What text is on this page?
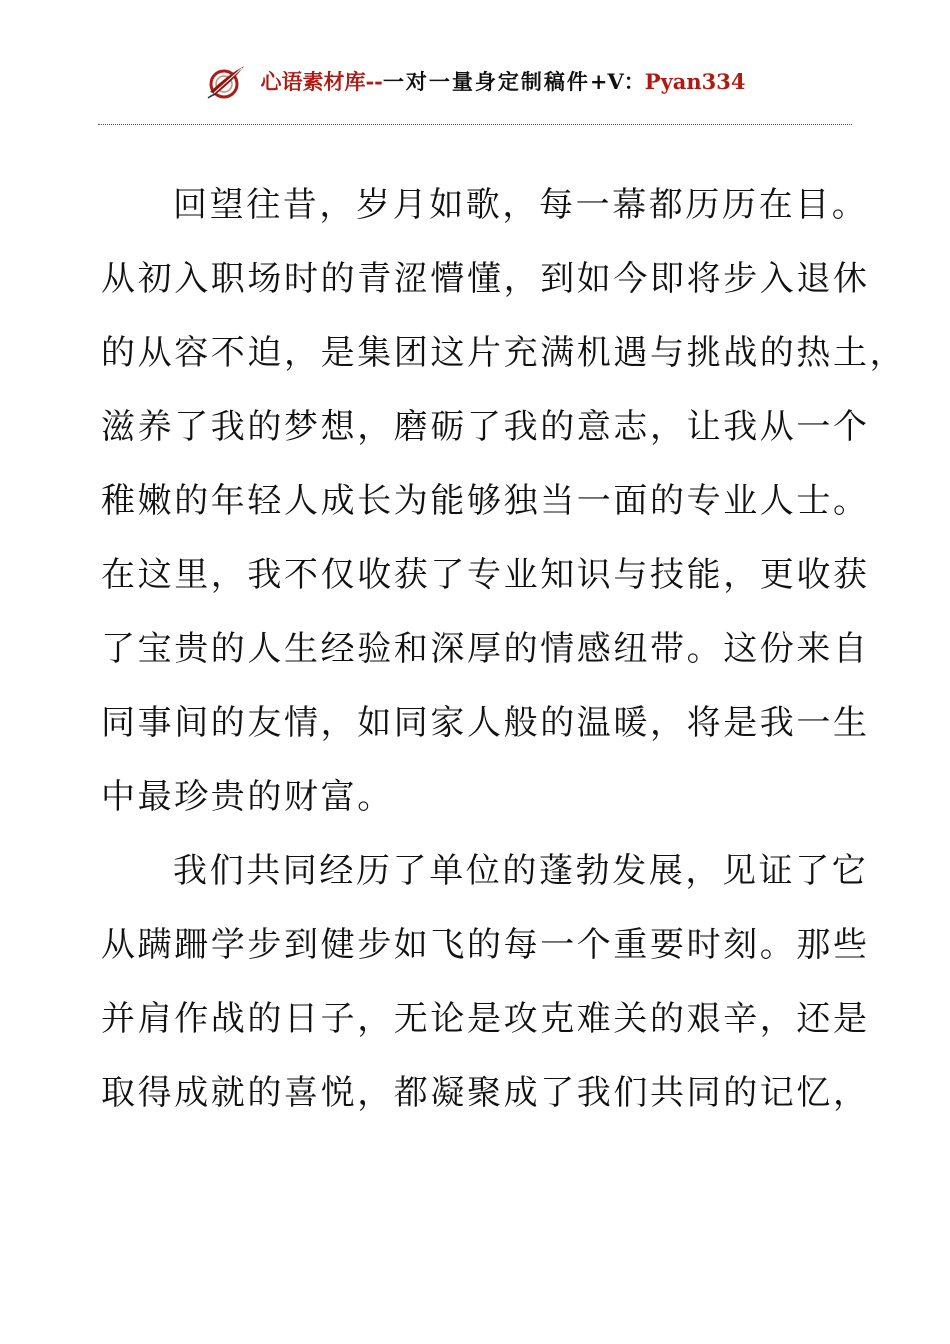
心语素材库--一对一量身定制稿件+V：Pyan334
回望往昔，岁月如歌，每一幕都历历在目。
从初入职场时的青涩懵懂，到如今即将步入退休
的从容不迫，是集团这片充满机遇与挑战的热土，
滋养了我的梦想，磨砺了我的意志，让我从一个
稚嫩的年轻人成长为能够独当一面的专业人士。
在这里，我不仅收获了专业知识与技能，更收获
了宝贵的人生经验和深厚的情感纽带。这份来自
同事间的友情，如同家人般的温暖，将是我一生
中最珍贵的财富。
我们共同经历了单位的蓬勃发展，见证了它
从蹒跚学步到健步如飞的每一个重要时刻。那些
并肩作战的日子，无论是攻克难关的艰辛，还是
取得成就的喜悦，都凝聚成了我们共同的记忆，
